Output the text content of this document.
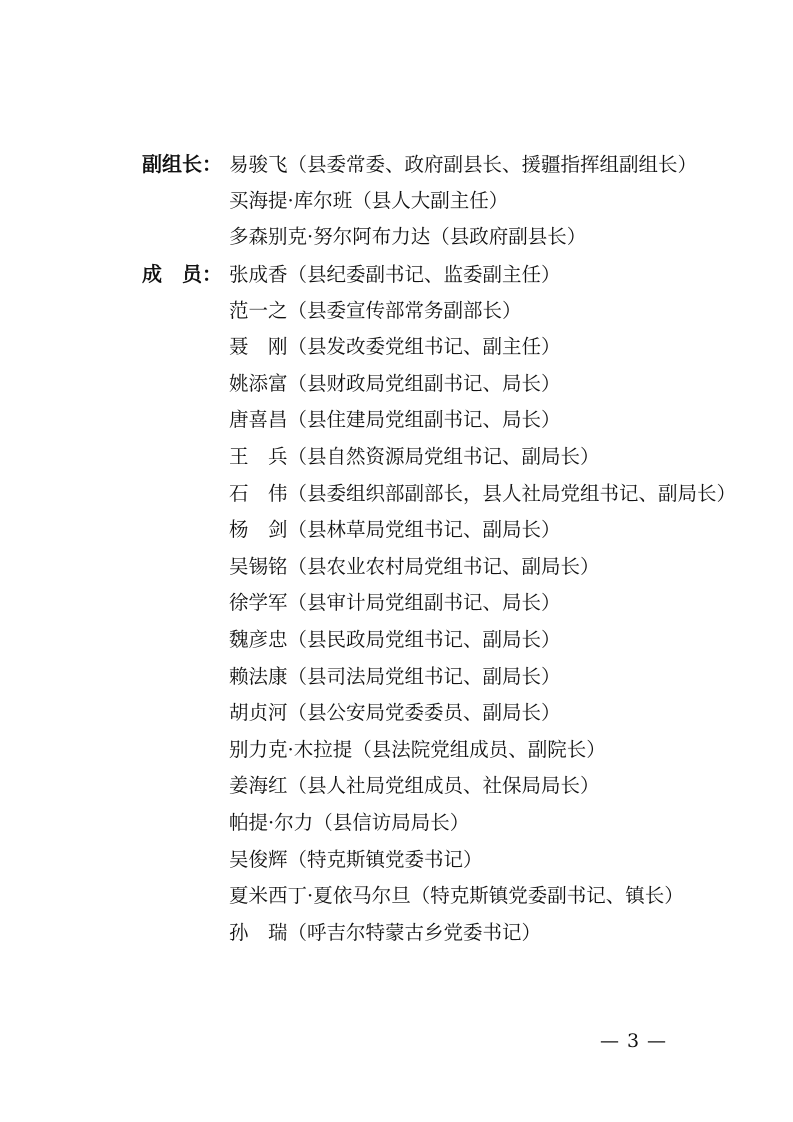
副组长： 易骏飞 （县委常委、政府副县长、援疆指挥组副组长）
买海提·库尔班 （县人大副主任）
多森别克·努尔阿布力达 （县政府副县长）
成　员： 张成香 （县纪委副书记、监委副主任）
范一之 （县委宣传部常务副部长）
聂　刚 （县发改委党组书记、副主任）
姚添富 （县财政局党组副书记、局长）
唐喜昌 （县住建局党组副书记、局长）
王　兵 （县自然资源局党组书记、副局长）
石　伟 （县委组织部副部长，县人社局党组书记、副局长）
杨　剑 （县林草局党组书记、副局长）
吴锡铭 （县农业农村局党组书记、副局长）
徐学军 （县审计局党组副书记、局长）
魏彦忠 （县民政局党组书记、副局长）
赖法康 （县司法局党组书记、副局长）
胡贞河 （县公安局党委委员、副局长）
别力克·木拉提 （县法院党组成员、副院长）
姜海红 （县人社局党组成员、社保局局长）
帕提·尔力 （县信访局局长）
吴俊辉 （特克斯镇党委书记）
夏米西丁·夏依马尔旦 （特克斯镇党委副书记、镇长）
孙　瑞 （呼吉尔特蒙古乡党委书记）
— 3 —
